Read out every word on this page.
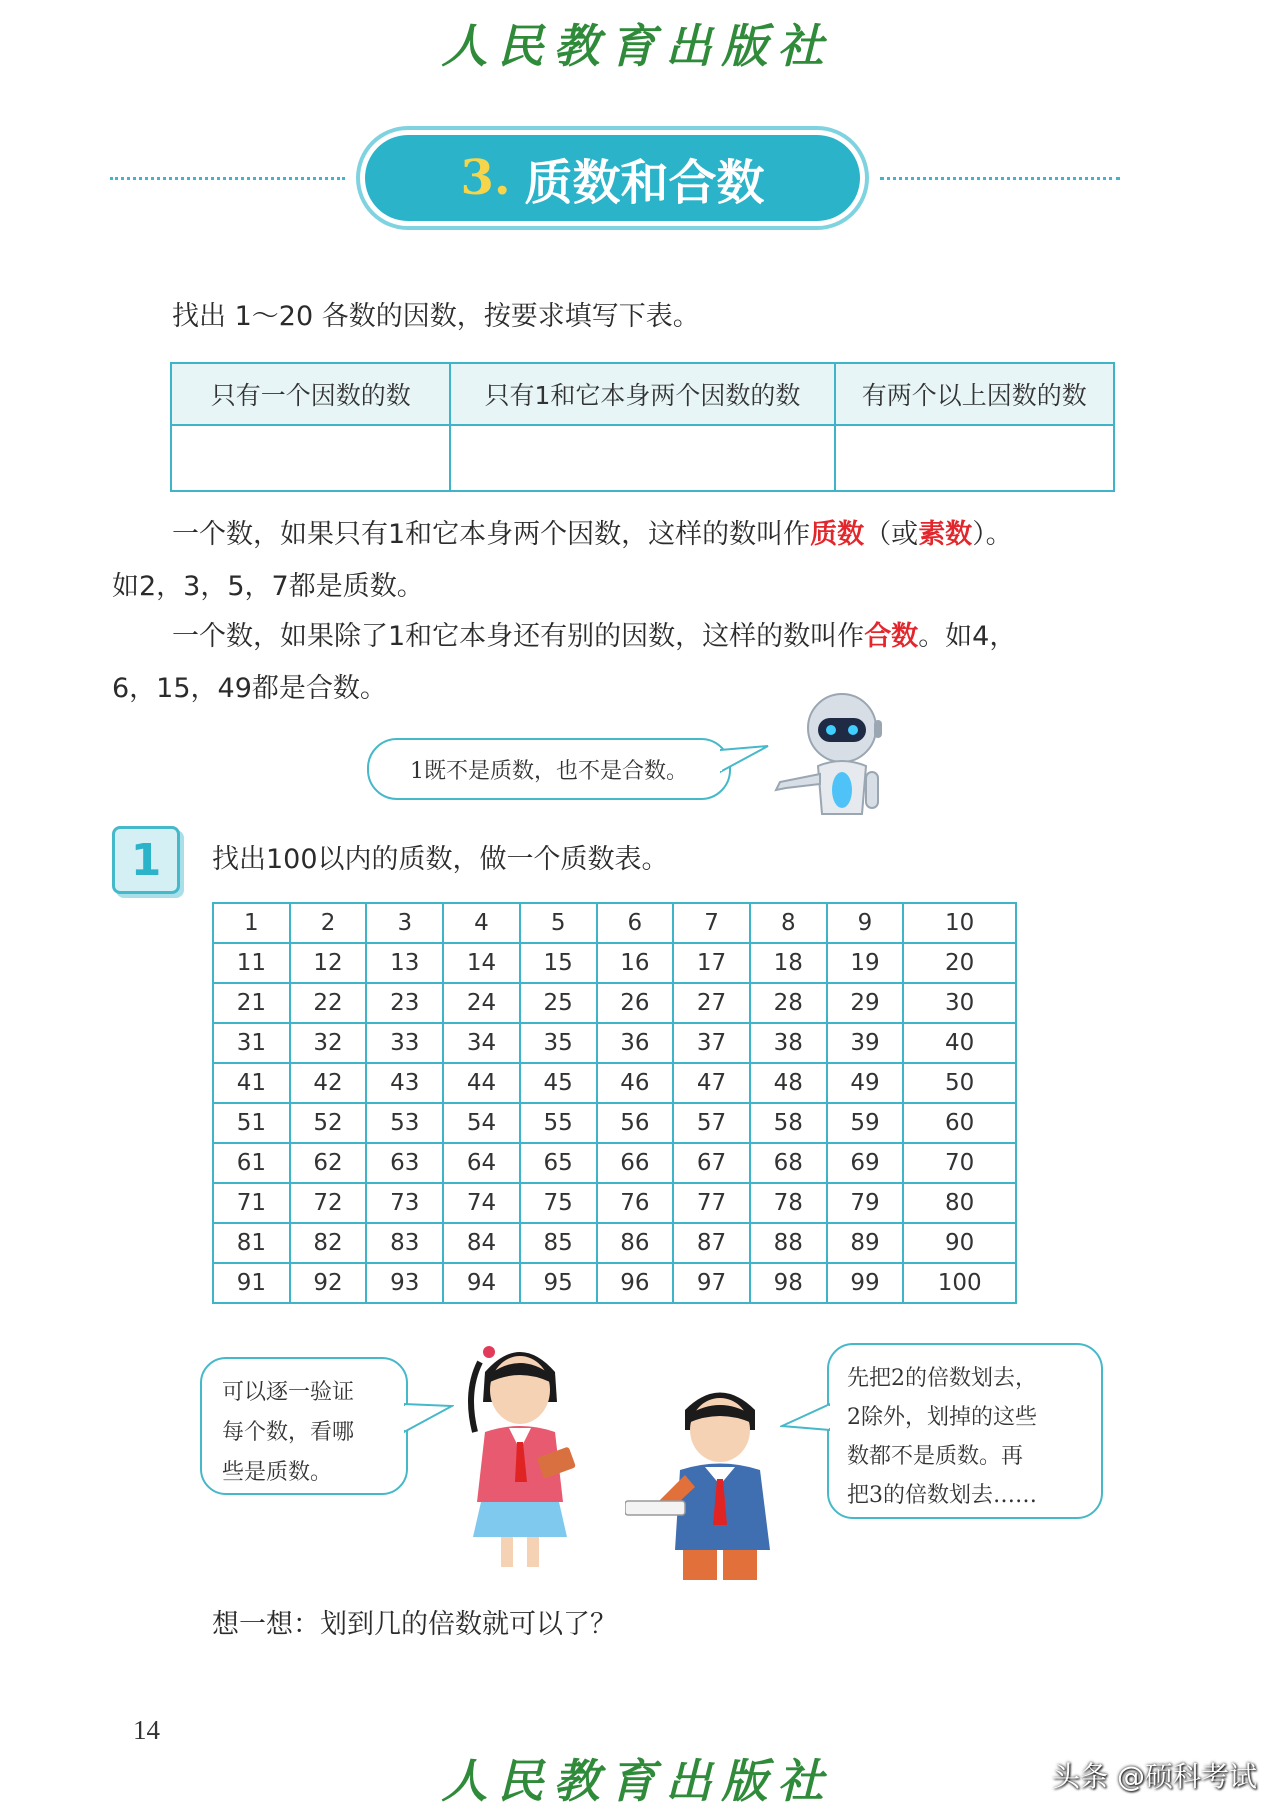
人民教育出版社
3. 质数和合数
找出 1～20 各数的因数，按要求填写下表。
只有一个因数的数	只有1和它本身两个因数的数	有两个以上因数的数

一个数，如果只有1和它本身两个因数，这样的数叫作质数（或素数）。
如2，3，5，7都是质数。
一个数，如果除了1和它本身还有别的因数，这样的数叫作合数。如4，
6，15，49都是合数。
1既不是质数，也不是合数。
1	找出100以内的质数，做一个质数表。
1	2	3	4	5	6	7	8	9	10
11	12	13	14	15	16	17	18	19	20
21	22	23	24	25	26	27	28	29	30
31	32	33	34	35	36	37	38	39	40
41	42	43	44	45	46	47	48	49	50
51	52	53	54	55	56	57	58	59	60
61	62	63	64	65	66	67	68	69	70
71	72	73	74	75	76	77	78	79	80
81	82	83	84	85	86	87	88	89	90
91	92	93	94	95	96	97	98	99	100
可以逐一验证
每个数，看哪
些是质数。
先把2的倍数划去，
2除外，划掉的这些
数都不是质数。再
把3的倍数划去……
想一想：划到几的倍数就可以了？
14
人民教育出版社	头条 @硕科考试
